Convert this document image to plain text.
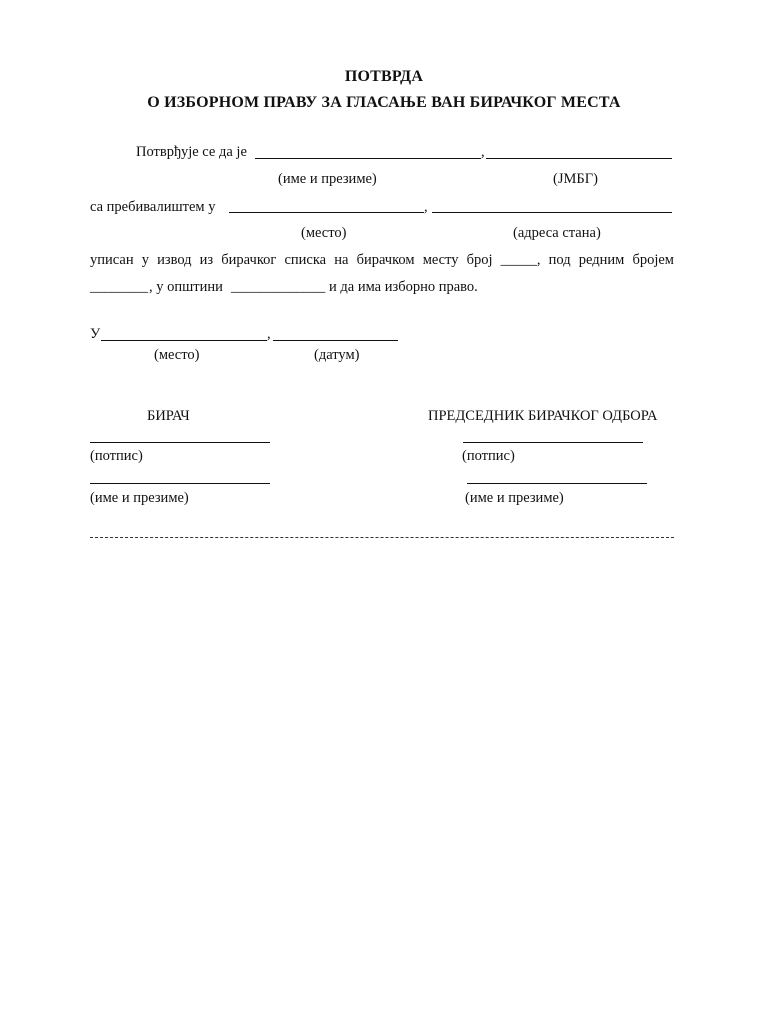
ПОТВРДА
О ИЗБОРНОМ ПРАВУ ЗА ГЛАСАЊЕ ВАН БИРАЧКОГ МЕСТА
Потврђује се да је	,
(име и презиме)	(ЈМБГ)
са пребивалиштем у	,
(место)	(адреса стана)
уписан у извод из бирачког списка на бирачком месту број _____, под редним бројем
________ , у општини _____________ и да има изборно право.
У	,
(место)	(датум)
БИРАЧ
(потпис)
(име и презиме)
ПРЕДСЕДНИК БИРАЧКОГ ОДБОРА
(потпис)
(име и презиме)
